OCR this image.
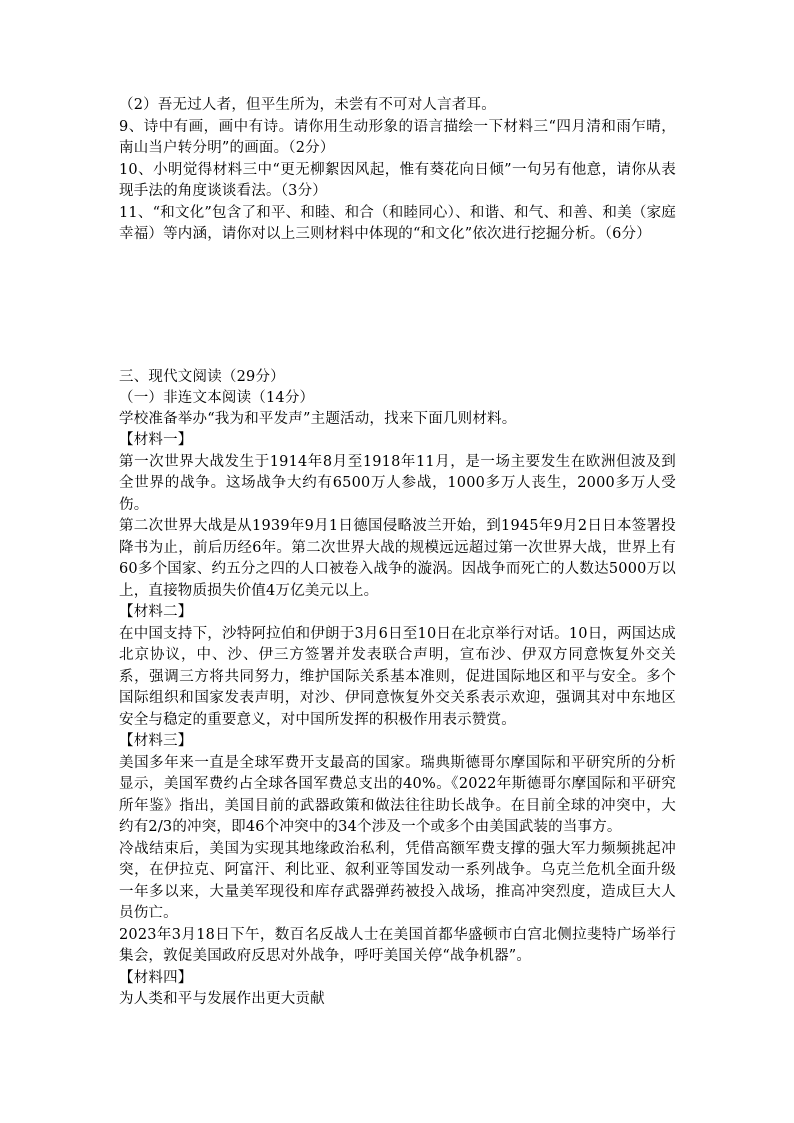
（2）吾无过人者，但平生所为，未尝有不可对人言者耳。

9、诗中有画，画中有诗。请你用生动形象的语言描绘一下材料三“四月清和雨乍晴，南山当户转分明”的画面。（2分）

10、小明觉得材料三中“更无柳絮因风起，惟有葵花向日倾”一句另有他意，请你从表现手法的角度谈谈看法。（3分）

11、“和文化”包含了和平、和睦、和合（和睦同心）、和谐、和气、和善、和美（家庭幸福）等内涵，请你对以上三则材料中体现的“和文化”依次进行挖掘分析。（6分）

三、现代文阅读（29分）

（一）非连文本阅读（14分）

学校准备举办“我为和平发声”主题活动，找来下面几则材料。

【材料一】

第一次世界大战发生于1914年8月至1918年11月，是一场主要发生在欧洲但波及到全世界的战争。这场战争大约有6500万人参战，1000多万人丧生，2000多万人受伤。

第二次世界大战是从1939年9月1日德国侵略波兰开始，到1945年9月2日日本签署投降书为止，前后历经6年。第二次世界大战的规模远远超过第一次世界大战，世界上有60多个国家、约五分之四的人口被卷入战争的漩涡。因战争而死亡的人数达5000万以上，直接物质损失价值4万亿美元以上。

【材料二】

在中国支持下，沙特阿拉伯和伊朗于3月6日至10日在北京举行对话。10日，两国达成北京协议，中、沙、伊三方签署并发表联合声明，宣布沙、伊双方同意恢复外交关系，强调三方将共同努力，维护国际关系基本准则，促进国际地区和平与安全。多个国际组织和国家发表声明，对沙、伊同意恢复外交关系表示欢迎，强调其对中东地区安全与稳定的重要意义，对中国所发挥的积极作用表示赞赏。

【材料三】

美国多年来一直是全球军费开支最高的国家。瑞典斯德哥尔摩国际和平研究所的分析显示，美国军费约占全球各国军费总支出的40%。《2022年斯德哥尔摩国际和平研究所年鉴》指出，美国目前的武器政策和做法往往助长战争。在目前全球的冲突中，大约有2/3的冲突，即46个冲突中的34个涉及一个或多个由美国武装的当事方。

冷战结束后，美国为实现其地缘政治私利，凭借高额军费支撑的强大军力频频挑起冲突，在伊拉克、阿富汗、利比亚、叙利亚等国发动一系列战争。乌克兰危机全面升级一年多以来，大量美军现役和库存武器弹药被投入战场，推高冲突烈度，造成巨大人员伤亡。

2023年3月18日下午，数百名反战人士在美国首都华盛顿市白宫北侧拉斐特广场举行集会，敦促美国政府反思对外战争，呼吁美国关停“战争机器”。

【材料四】

为人类和平与发展作出更大贡献
